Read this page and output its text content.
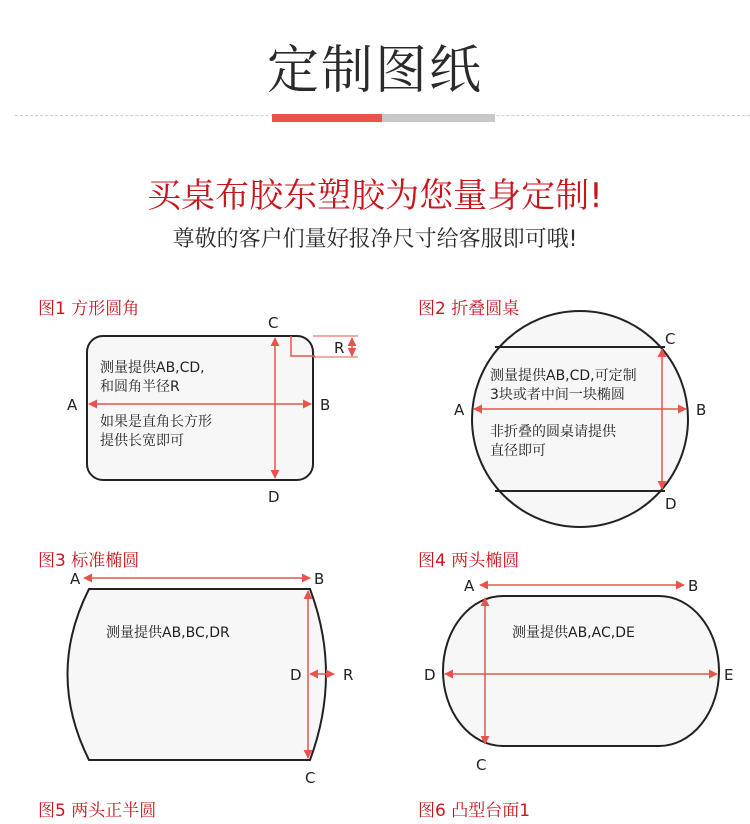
定制图纸
买桌布胶东塑胶为您量身定制!
尊敬的客户们量好报净尺寸给客服即可哦!
图1 方形圆角	图2 折叠圆桌
图3 标准椭圆	图4 两头椭圆
图5 两头正半圆	图6 凸型台面1
A	B
C
D
R
测量提供AB,CD,
和圆角半径R
如果是直角长方形
提供长宽即可
A	B
C
D
测量提供AB,CD,可定制
3块或者中间一块椭圆
非折叠的圆桌请提供
直径即可
A	B
C
D	R
测量提供AB,BC,DR
A	B
C
D	E
测量提供AB,AC,DE
